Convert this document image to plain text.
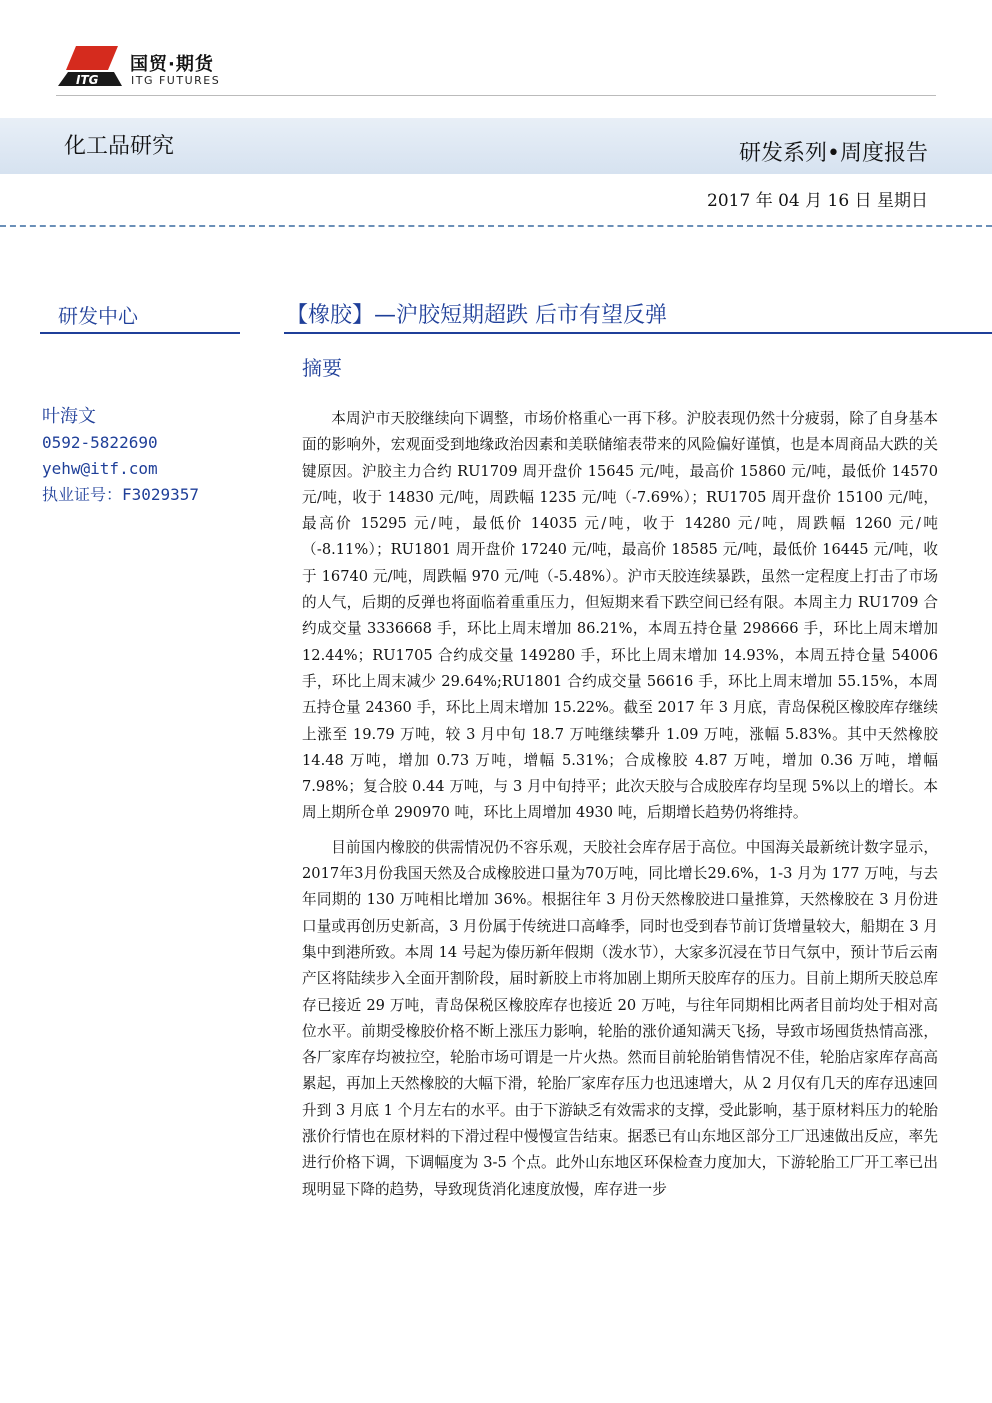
ITG
国贸·期货
ITG FUTURES
化工品研究	研发系列•周度报告
2017 年 04 月 16 日 星期日
研发中心
叶海文
0592-5822690
yehw@itf.com
执业证号：F3029357
【橡胶】—沪胶短期超跌 后市有望反弹
摘要

本周沪市天胶继续向下调整，市场价格重心一再下移。沪胶表现仍然十分疲弱，除了自身基本面的影响外，宏观面受到地缘政治因素和美联储缩表带来的风险偏好谨慎，也是本周商品大跌的关键原因。沪胶主力合约 RU1709 周开盘价 15645 元/吨，最高价 15860 元/吨，最低价 14570 元/吨，收于 14830 元/吨，周跌幅 1235 元/吨（-7.69%）；RU1705 周开盘价 15100 元/吨，最高价 15295 元/吨，最低价 14035 元/吨，收于 14280 元/吨，周跌幅 1260 元/吨（-8.11%）；RU1801 周开盘价 17240 元/吨，最高价 18585 元/吨，最低价 16445 元/吨，收于 16740 元/吨，周跌幅 970 元/吨（-5.48%）。沪市天胶连续暴跌，虽然一定程度上打击了市场的人气，后期的反弹也将面临着重重压力，但短期来看下跌空间已经有限。本周主力 RU1709 合约成交量 3336668 手，环比上周末增加 86.21%，本周五持仓量 298666 手，环比上周末增加 12.44%；RU1705 合约成交量 149280 手，环比上周末增加 14.93%，本周五持仓量 54006 手，环比上周末减少 29.64%;RU1801 合约成交量 56616 手，环比上周末增加 55.15%，本周五持仓量 24360 手，环比上周末增加 15.22%。截至 2017 年 3 月底，青岛保税区橡胶库存继续上涨至 19.79 万吨，较 3 月中旬 18.7 万吨继续攀升 1.09 万吨，涨幅 5.83%。其中天然橡胶 14.48 万吨，增加 0.73 万吨，增幅 5.31%；合成橡胶 4.87 万吨，增加 0.36 万吨，增幅 7.98%；复合胶 0.44 万吨，与 3 月中旬持平；此次天胶与合成胶库存均呈现 5%以上的增长。本周上期所仓单 290970 吨，环比上周增加 4930 吨，后期增长趋势仍将维持。

目前国内橡胶的供需情况仍不容乐观，天胶社会库存居于高位。中国海关最新统计数字显示，2017年3月份我国天然及合成橡胶进口量为70万吨，同比增长29.6%，1-3 月为 177 万吨，与去年同期的 130 万吨相比增加 36%。根据往年 3 月份天然橡胶进口量推算，天然橡胶在 3 月份进口量或再创历史新高，3 月份属于传统进口高峰季，同时也受到春节前订货增量较大，船期在 3 月集中到港所致。本周 14 号起为傣历新年假期（泼水节），大家多沉浸在节日气氛中，预计节后云南产区将陆续步入全面开割阶段，届时新胶上市将加剧上期所天胶库存的压力。目前上期所天胶总库存已接近 29 万吨，青岛保税区橡胶库存也接近 20 万吨，与往年同期相比两者目前均处于相对高位水平。前期受橡胶价格不断上涨压力影响，轮胎的涨价通知满天飞扬，导致市场囤货热情高涨，各厂家库存均被拉空，轮胎市场可谓是一片火热。然而目前轮胎销售情况不佳，轮胎店家库存高高累起，再加上天然橡胶的大幅下滑，轮胎厂家库存压力也迅速增大，从 2 月仅有几天的库存迅速回升到 3 月底 1 个月左右的水平。由于下游缺乏有效需求的支撑，受此影响，基于原材料压力的轮胎涨价行情也在原材料的下滑过程中慢慢宣告结束。据悉已有山东地区部分工厂迅速做出反应，率先进行价格下调，下调幅度为 3-5 个点。此外山东地区环保检查力度加大，下游轮胎工厂开工率已出现明显下降的趋势，导致现货消化速度放慢，库存进一步
